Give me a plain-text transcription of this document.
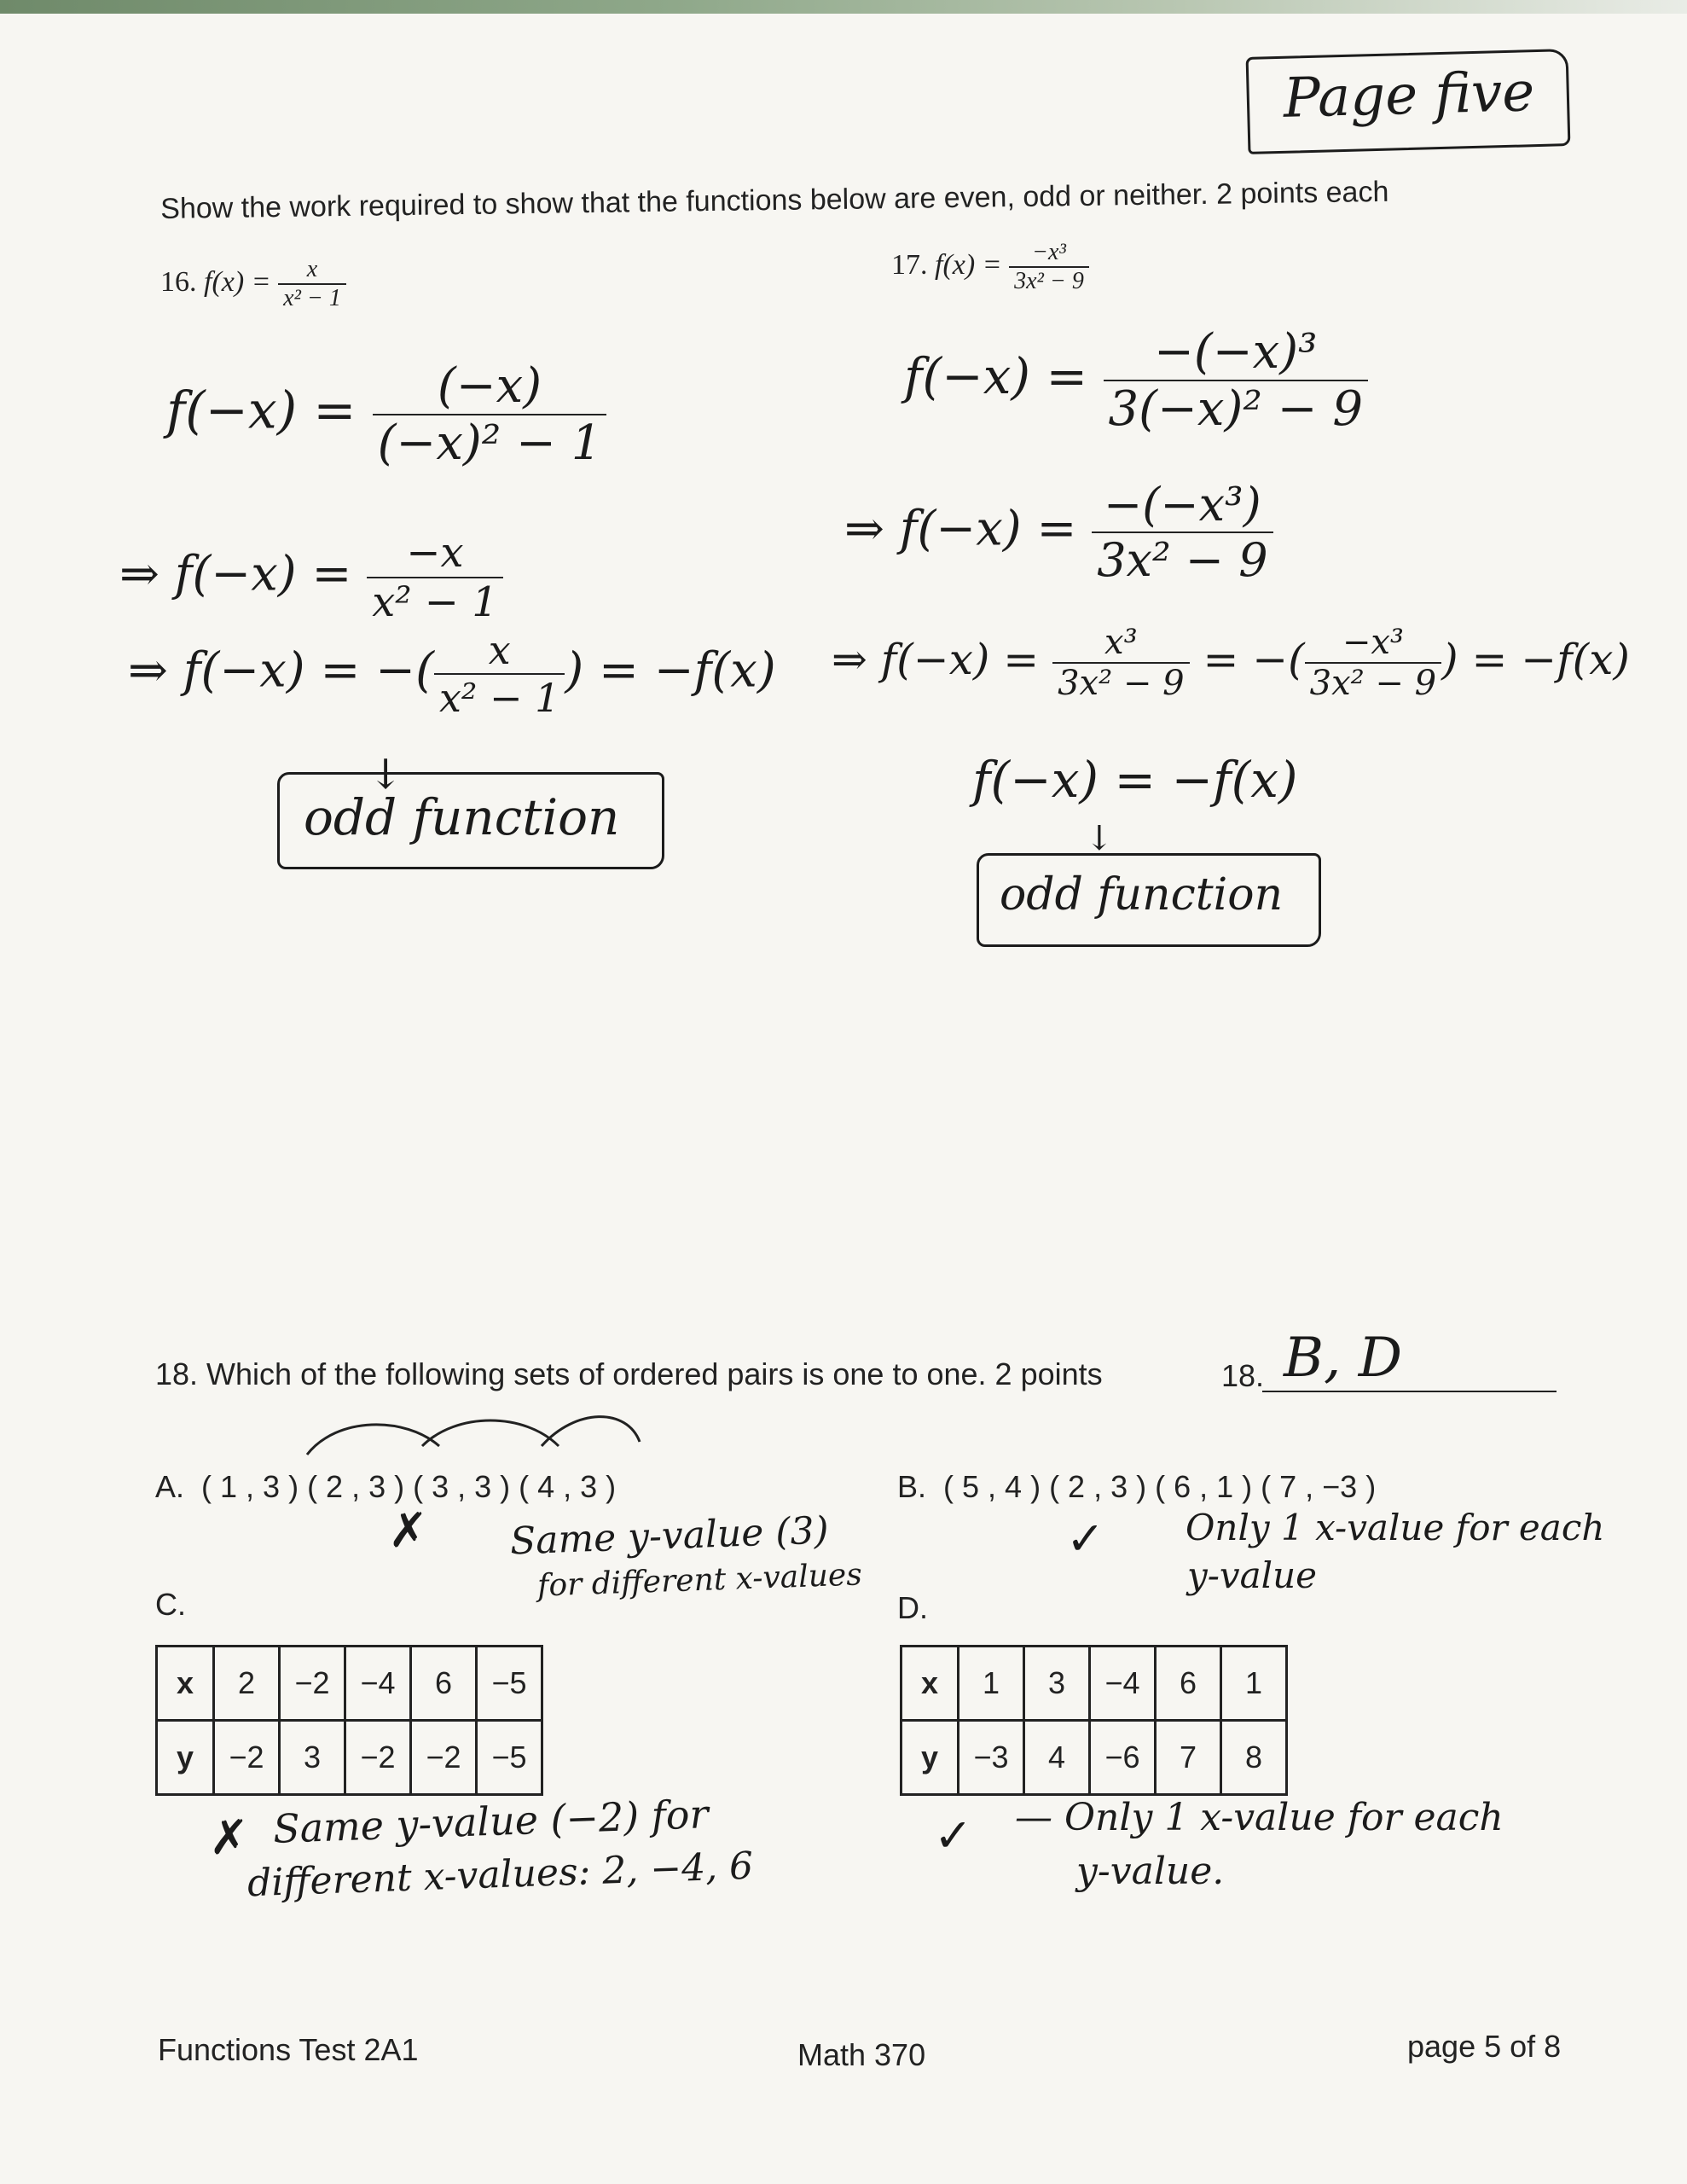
Page five
Show the work required to show that the functions below are even, odd or neither. 2 points each
16. $f(x) = \frac{x}{\text{x² − 1}}$
$f(-x) = \frac{(-x)}{\text{(−x)² − 1}}$
⇒ $f(-x) = \frac{-x}{\text{x² − 1}}$
⇒ f(−x) = −( $\frac{x}{\text{x² − 1}}$ ) = −f(x)
↓
odd function
17. $f(x) = \frac{\text{−x³}}{\text{3x² − 9}}$
$f(-x) = \frac{\text{−(−x)³}}{\text{3(−x)² − 9}}$
⇒ $f(-x) = \frac{\text{−(−x³)}}{\text{3x² − 9}}$
⇒ $f(-x) = \frac{\text{x³}}{\text{3x² − 9}}$ = −( $\frac{\text{−x³}}{\text{3x² − 9}}$ ) = −f(x)
f(−x) = −f(x)
↓
odd function
18. Which of the following sets of ordered pairs is one to one. 2 points	18. B, D
A. ( 1 , 3 ) ( 2 , 3 ) ( 3 , 3 ) ( 4 , 3 )
✗ Same y-value (3)
for different x-values
B. ( 5 , 4 ) ( 2 , 3 ) ( 6 , 1 ) ( 7 , −3 )
✓ Only 1 x-value for each
y-value
C.
x	2	−2	−4	6	−5
y	−2	3	−2	−2	−5
✗ Same y-value (−2) for
different x-values: 2, −4, 6
D.
x	1	3	−4	6	1
y	−3	4	−6	7	8
✓ — Only 1 x-value for each
y-value.
Functions Test 2A1	Math 370	page 5 of 8
